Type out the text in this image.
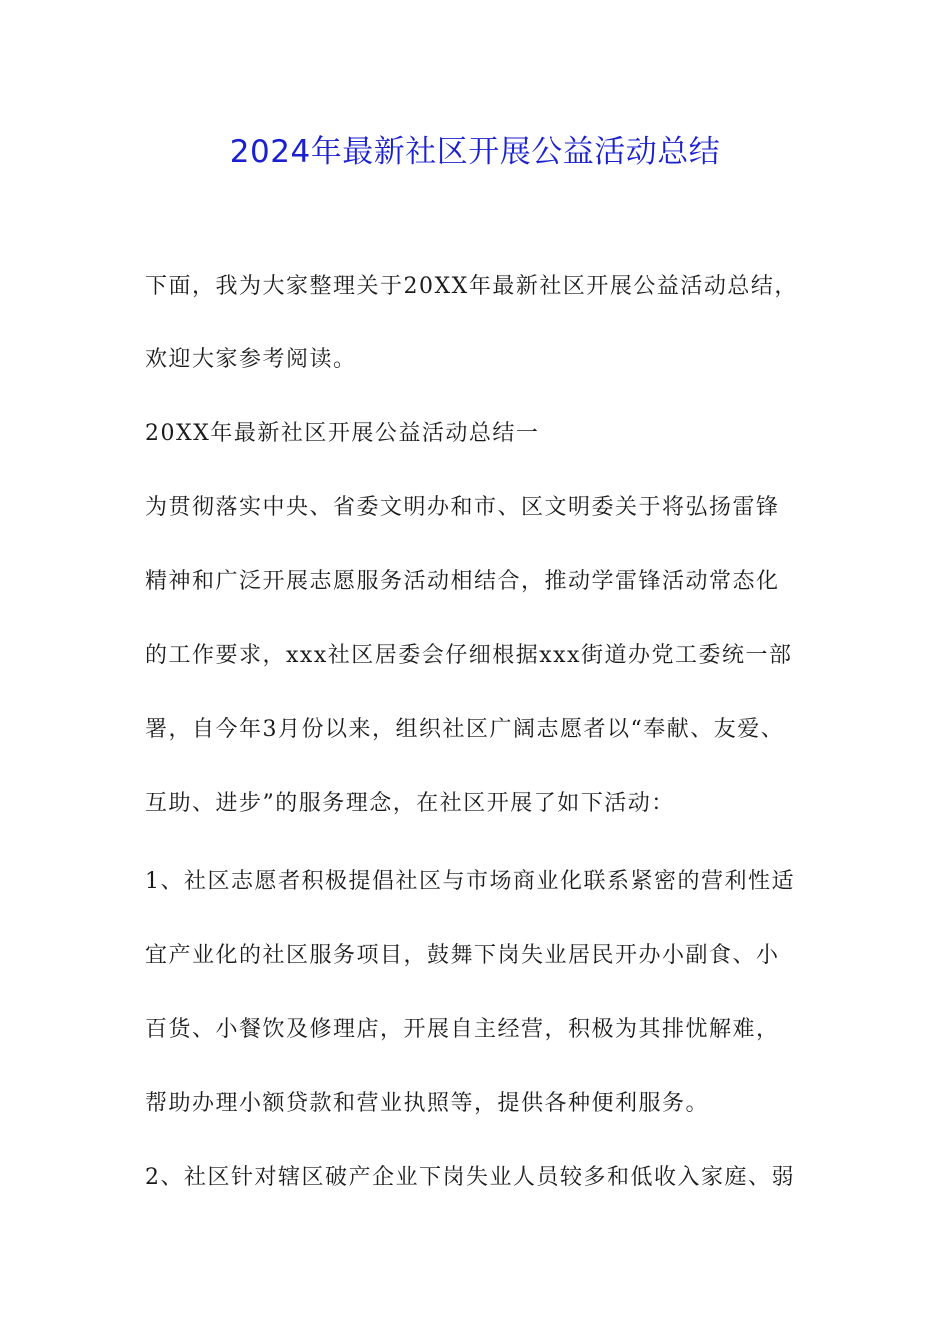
2024年最新社区开展公益活动总结
下面，我为大家整理关于20XX年最新社区开展公益活动总结，
欢迎大家参考阅读。
20XX年最新社区开展公益活动总结一
为贯彻落实中央、省委文明办和市、区文明委关于将弘扬雷锋
精神和广泛开展志愿服务活动相结合，推动学雷锋活动常态化
的工作要求，xxx社区居委会仔细根据xxx街道办党工委统一部
署，自今年3月份以来，组织社区广阔志愿者以“奉献、友爱、
互助、进步”的服务理念，在社区开展了如下活动：
1、社区志愿者积极提倡社区与市场商业化联系紧密的营利性适
宜产业化的社区服务项目，鼓舞下岗失业居民开办小副食、小
百货、小餐饮及修理店，开展自主经营，积极为其排忧解难，
帮助办理小额贷款和营业执照等，提供各种便利服务。
2、社区针对辖区破产企业下岗失业人员较多和低收入家庭、弱
